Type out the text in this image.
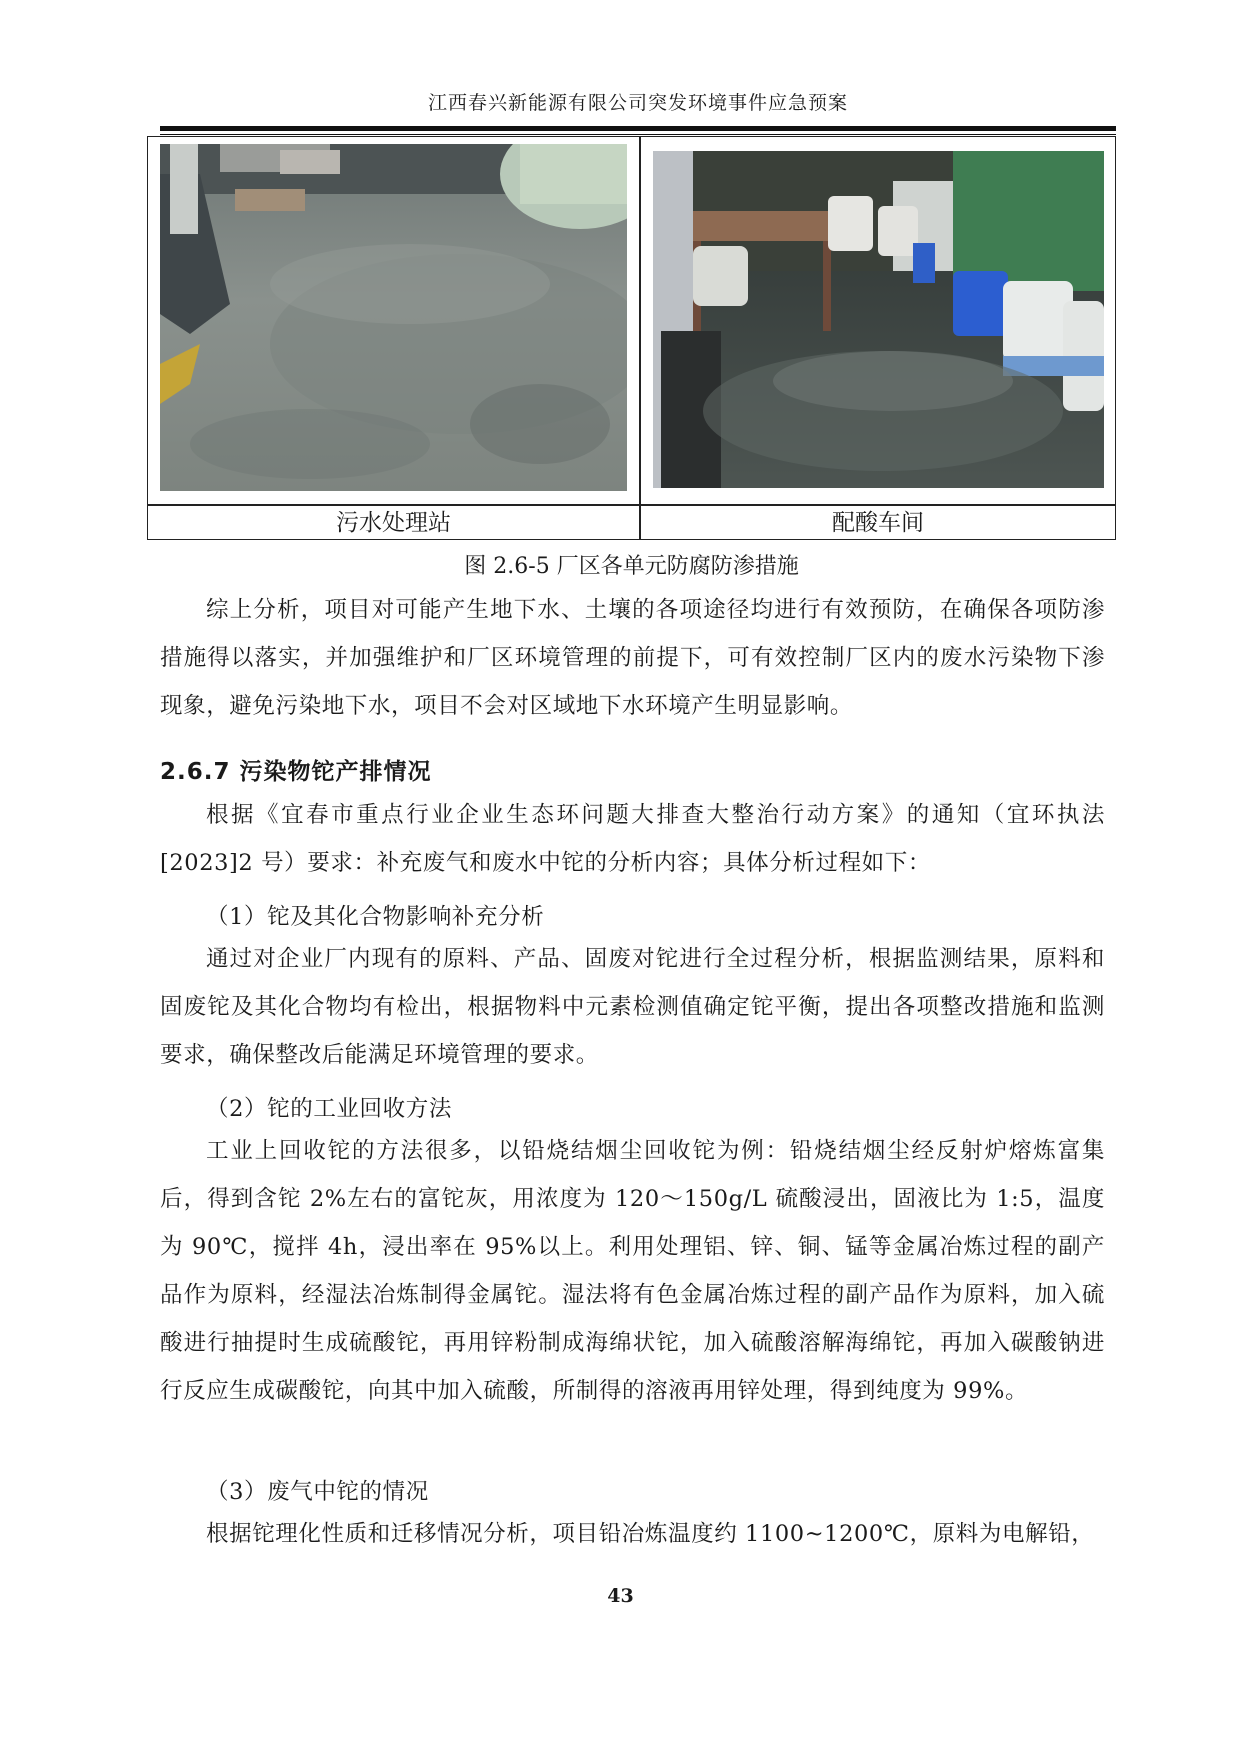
江西春兴新能源有限公司突发环境事件应急预案
污水处理站	配酸车间
图 2.6-5 厂区各单元防腐防渗措施

综上分析，项目对可能产生地下水、土壤的各项途径均进行有效预防，在确保各项防渗措施得以落实，并加强维护和厂区环境管理的前提下，可有效控制厂区内的废水污染物下渗现象，避免污染地下水，项目不会对区域地下水环境产生明显影响。

2.6.7 污染物铊产排情况

根据《宜春市重点行业企业生态环问题大排查大整治行动方案》的通知（宜环执法[2023]2 号）要求：补充废气和废水中铊的分析内容；具体分析过程如下：

（1）铊及其化合物影响补充分析

通过对企业厂内现有的原料、产品、固废对铊进行全过程分析，根据监测结果，原料和固废铊及其化合物均有检出，根据物料中元素检测值确定铊平衡，提出各项整改措施和监测要求，确保整改后能满足环境管理的要求。

（2）铊的工业回收方法

工业上回收铊的方法很多，以铅烧结烟尘回收铊为例：铅烧结烟尘经反射炉熔炼富集后，得到含铊 2%左右的富铊灰，用浓度为 120～150g/L 硫酸浸出，固液比为 1:5，温度为 90℃，搅拌 4h，浸出率在 95%以上。利用处理铝、锌、铜、锰等金属冶炼过程的副产品作为原料，经湿法冶炼制得金属铊。湿法将有色金属冶炼过程的副产品作为原料，加入硫酸进行抽提时生成硫酸铊，再用锌粉制成海绵状铊，加入硫酸溶解海绵铊，再加入碳酸钠进行反应生成碳酸铊，向其中加入硫酸，所制得的溶液再用锌处理，得到纯度为 99%。

（3）废气中铊的情况

根据铊理化性质和迁移情况分析，项目铅冶炼温度约 1100~1200℃，原料为电解铅，

43
